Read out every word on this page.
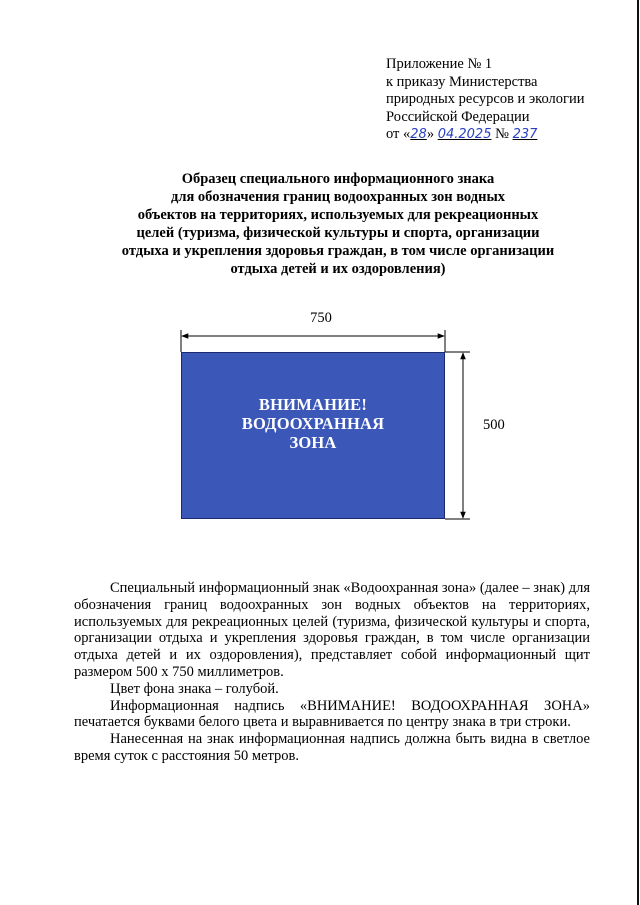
Приложение № 1
к приказу Министерства
природных ресурсов и экологии
Российской Федерации
от «28» 04.2025 № 237
Образец специального информационного знака
для обозначения границ водоохранных зон водных
объектов на территориях, используемых для рекреационных
целей (туризма, физической культуры и спорта, организации
отдыха и укрепления здоровья граждан, в том числе организации
отдыха детей и их оздоровления)
750
500
ВНИМАНИЕ!
ВОДООХРАННАЯ
ЗОНА

Специальный информационный знак «Водоохранная зона» (далее – знак) для обозначения границ водоохранных зон водных объектов на территориях, используемых для рекреационных целей (туризма, физической культуры и спорта, организации отдыха и укрепления здоровья граждан, в том числе организации отдыха детей и их оздоровления), представляет собой информационный щит размером 500 х 750 миллиметров.

Цвет фона знака – голубой.

Информационная надпись «ВНИМАНИЕ! ВОДООХРАННАЯ ЗОНА» печатается буквами белого цвета и выравнивается по центру знака в три строки.

Нанесенная на знак информационная надпись должна быть видна в светлое время суток с расстояния 50 метров.
